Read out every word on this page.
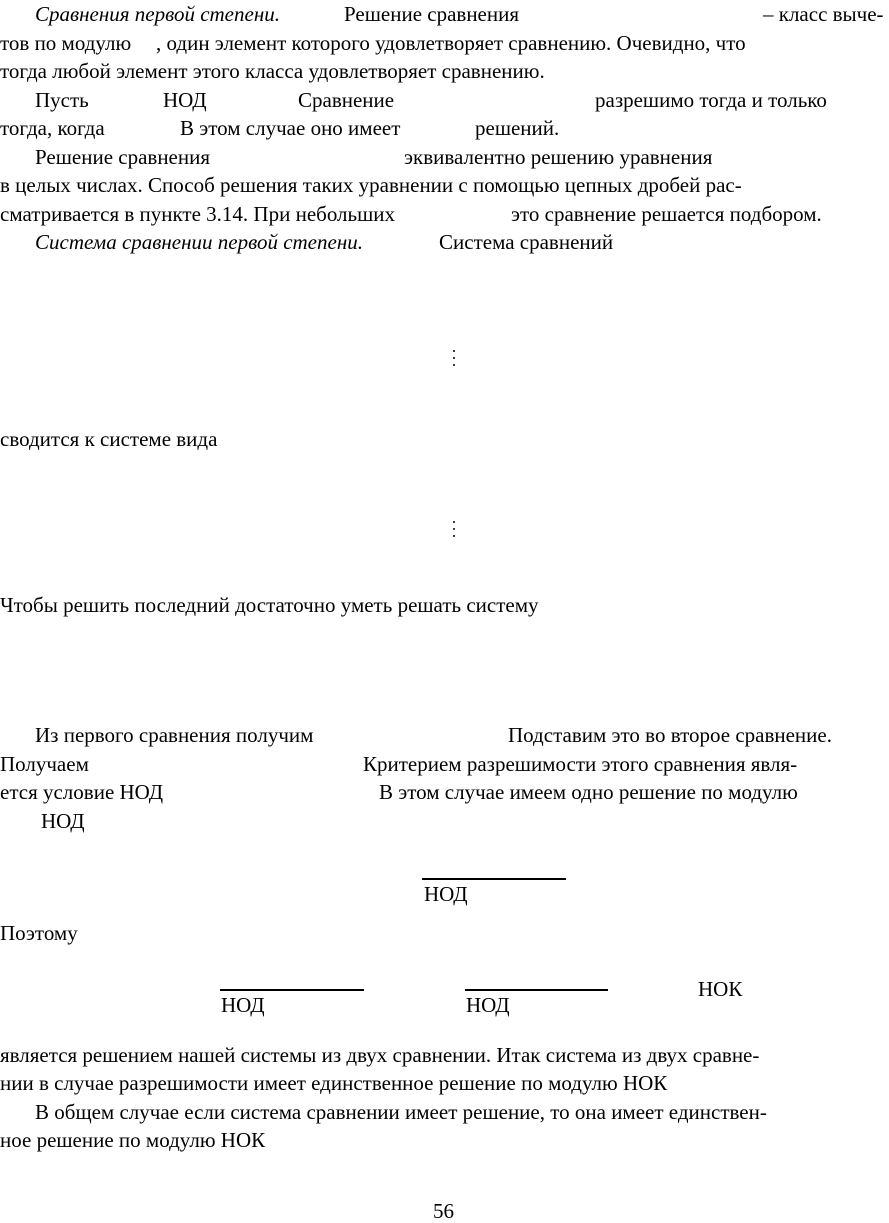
Сравнения первой степени.	Решение сравнения	– класс выче-

тов по модулю , один элемент которого удовлетворяет сравнению. Очевидно, что

тогда любой элемент этого класса удовлетворяет сравнению.

Пусть	НОД	Сравнение	разрешимо тогда и только

тогда, когда	В этом случае оно имеет	решений.

Решение сравнения	эквивалентно решению уравнения

в целых числах. Способ решения таких уравнении с помощью цепных дробей рас-

сматривается в пункте 3.14. При небольших	это сравнение решается подбором.

Система сравнении первой степени.	Система сравнений

сводится к системе вида

Чтобы решить последний достаточно уметь решать систему

Из первого сравнения получим	Подставим это во второе сравнение.

Получаем	Критерием разрешимости этого сравнения явля-

ется условие НОД	В этом случае имеем одно решение по модулю

НОД

НОД

Поэтому

НОД	НОД

НОК

является решением нашей системы из двух сравнении. Итак система из двух сравне-

нии в случае разрешимости имеет единственное решение по модулю НОК

В общем случае если система сравнении имеет решение, то она имеет единствен-

ное решение по модулю НОК

56
